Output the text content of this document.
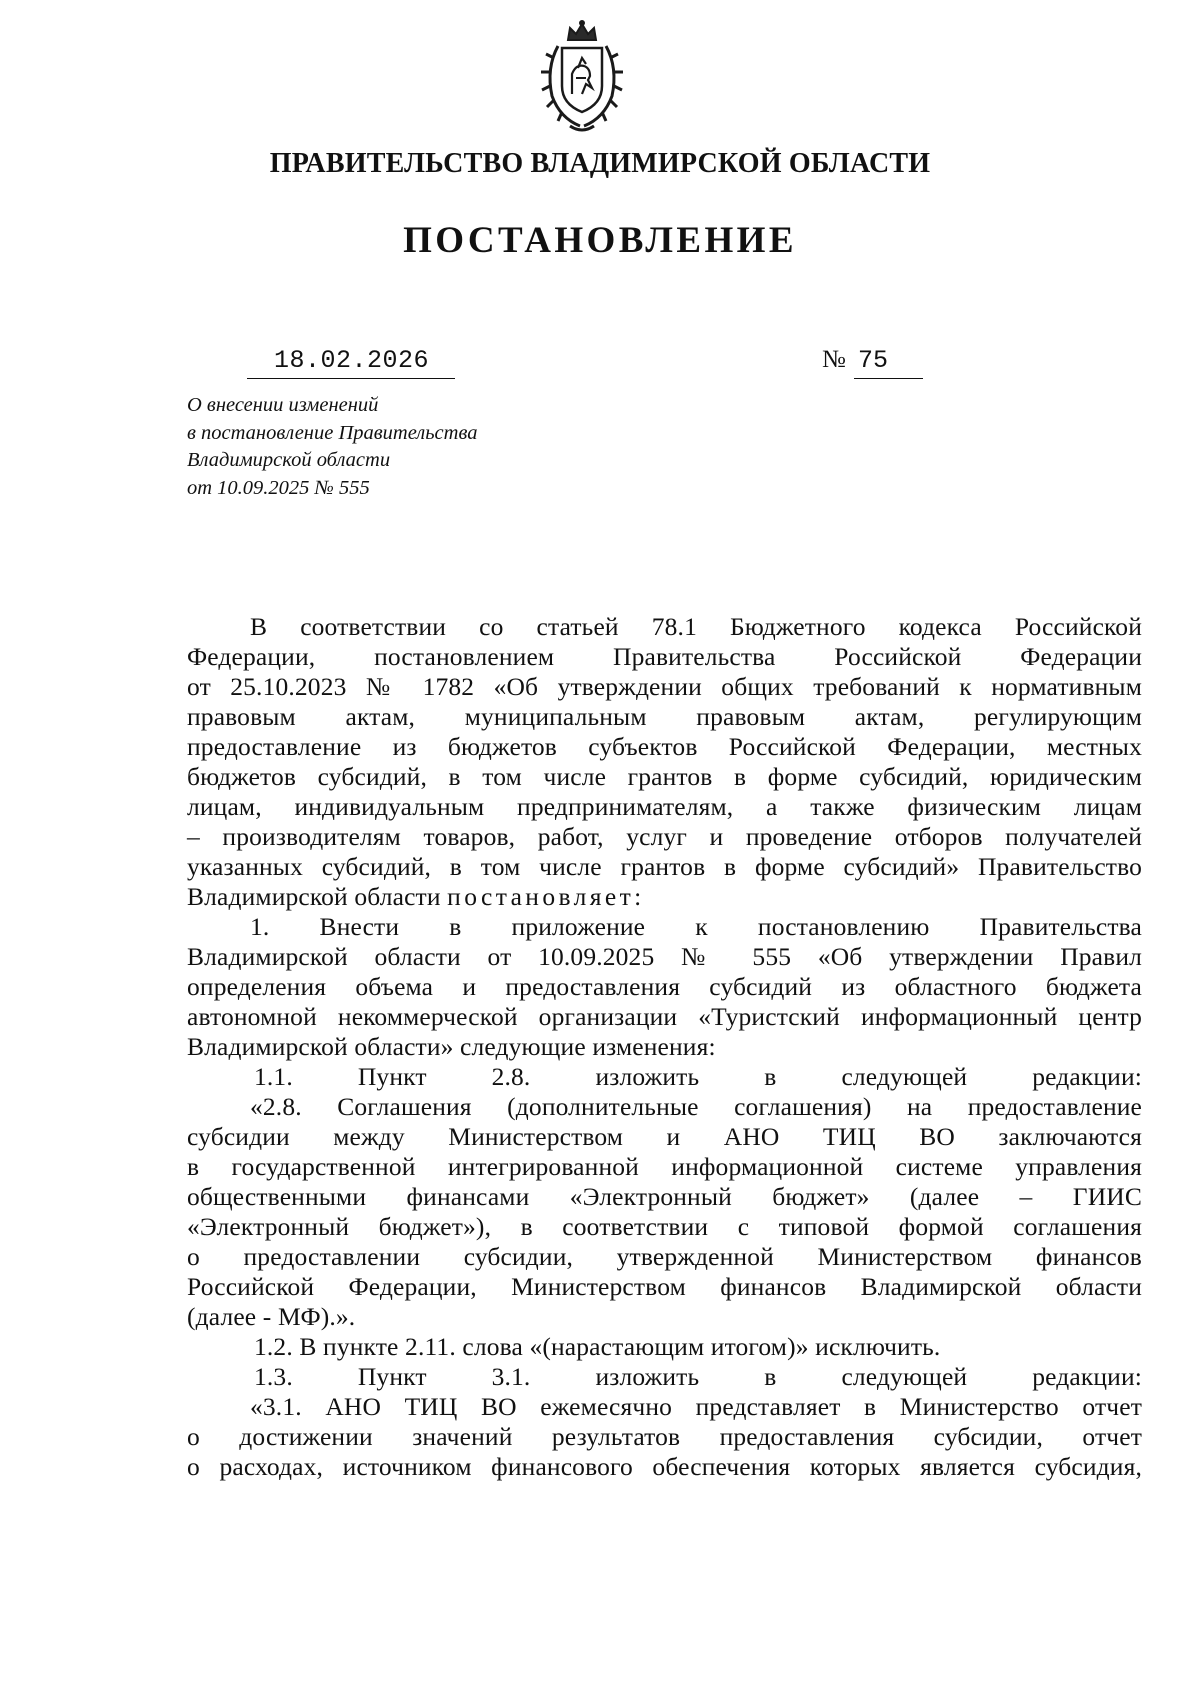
ПРАВИТЕЛЬСТВО ВЛАДИМИРСКОЙ ОБЛАСТИ
ПОСТАНОВЛЕНИЕ
18.02.2026	№ 75
О внесении изменений
в постановление Правительства
Владимирской области
от 10.09.2025 № 555
В соответствии со статьей 78.1 Бюджетного кодекса Российской
Федерации, постановлением Правительства Российской Федерации
от 25.10.2023 № 1782 «Об утверждении общих требований к нормативным
правовым актам, муниципальным правовым актам, регулирующим
предоставление из бюджетов субъектов Российской Федерации, местных
бюджетов субсидий, в том числе грантов в форме субсидий, юридическим
лицам, индивидуальным предпринимателям, а также физическим лицам
– производителям товаров, работ, услуг и проведение отборов получателей
указанных субсидий, в том числе грантов в форме субсидий» Правительство
Владимирской области постановляет:
1. Внести в приложение к постановлению Правительства
Владимирской области от 10.09.2025 № 555 «Об утверждении Правил
определения объема и предоставления субсидий из областного бюджета
автономной некоммерческой организации «Туристский информационный центр
Владимирской области» следующие изменения:
1.1. Пункт 2.8. изложить в следующей редакции:
«2.8. Соглашения (дополнительные соглашения) на предоставление
субсидии между Министерством и АНО ТИЦ ВО заключаются
в государственной интегрированной информационной системе управления
общественными финансами «Электронный бюджет» (далее – ГИИС
«Электронный бюджет»), в соответствии с типовой формой соглашения
о предоставлении субсидии, утвержденной Министерством финансов
Российской Федерации, Министерством финансов Владимирской области
(далее - МФ).».
1.2. В пункте 2.11. слова «(нарастающим итогом)» исключить.
1.3. Пункт 3.1. изложить в следующей редакции:
«3.1. АНО ТИЦ ВО ежемесячно представляет в Министерство отчет
о достижении значений результатов предоставления субсидии, отчет
о расходах, источником финансового обеспечения которых является субсидия,
